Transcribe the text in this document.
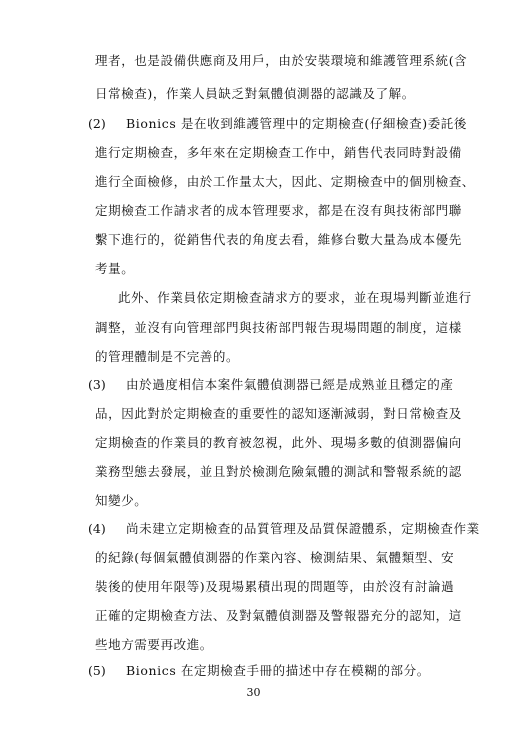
理者，也是設備供應商及用戶，由於安裝環境和維護管理系統(含
日常檢查)，作業人員缺乏對氣體偵測器的認識及了解。
(2) Bionics 是在收到維護管理中的定期檢查(仔細檢查)委託後
進行定期檢查，多年來在定期檢查工作中，銷售代表同時對設備
進行全面檢修，由於工作量太大，因此、定期檢查中的個別檢查、
定期檢查工作請求者的成本管理要求，都是在沒有與技術部門聯
繫下進行的，從銷售代表的角度去看，維修台數大量為成本優先
考量。
此外、作業員依定期檢查請求方的要求，並在現場判斷並進行
調整，並沒有向管理部門與技術部門報告現場問題的制度，這樣
的管理體制是不完善的。
(3) 由於過度相信本案件氣體偵測器已經是成熟並且穩定的產
品，因此對於定期檢查的重要性的認知逐漸減弱，對日常檢查及
定期檢查的作業員的教育被忽視，此外、現場多數的偵測器偏向
業務型態去發展，並且對於檢測危險氣體的測試和警報系統的認
知變少。
(4) 尚未建立定期檢查的品質管理及品質保證體系，定期檢查作業
的紀錄(每個氣體偵測器的作業內容、檢測結果、氣體類型、安
裝後的使用年限等)及現場累積出現的問題等，由於沒有討論過
正確的定期檢查方法、及對氣體偵測器及警報器充分的認知，這
些地方需要再改進。
(5) Bionics 在定期檢查手冊的描述中存在模糊的部分。
30
